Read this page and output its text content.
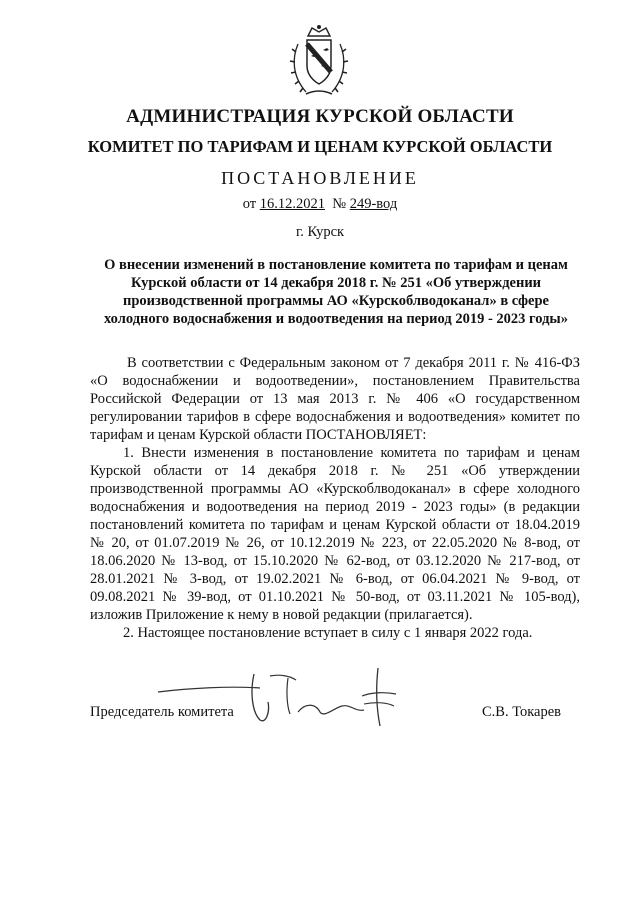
АДМИНИСТРАЦИЯ КУРСКОЙ ОБЛАСТИ
КОМИТЕТ ПО ТАРИФАМ И ЦЕНАМ КУРСКОЙ ОБЛАСТИ
ПОСТАНОВЛЕНИЕ
от 16.12.2021 № 249-вод
г. Курск
О внесении изменений в постановление комитета по тарифам и ценам Курской области от 14 декабря 2018 г. № 251 «Об утверждении производственной программы АО «Курскоблводоканал» в сфере холодного водоснабжения и водоотведения на период 2019 - 2023 годы»

В соответствии с Федеральным законом от 7 декабря 2011 г. № 416-ФЗ «О водоснабжении и водоотведении», постановлением Правительства Российской Федерации от 13 мая 2013 г. № 406 «О государственном регулировании тарифов в сфере водоснабжения и водоотведения» комитет по тарифам и ценам Курской области ПОСТАНОВЛЯЕТ:

1. Внести изменения в постановление комитета по тарифам и ценам Курской области от 14 декабря 2018 г. № 251 «Об утверждении производственной программы АО «Курскоблводоканал» в сфере холодного водоснабжения и водоотведения на период 2019 - 2023 годы» (в редакции постановлений комитета по тарифам и ценам Курской области от 18.04.2019 № 20, от 01.07.2019 № 26, от 10.12.2019 № 223, от 22.05.2020 № 8-вод, от 18.06.2020 № 13-вод, от 15.10.2020 № 62-вод, от 03.12.2020 № 217-вод, от 28.01.2021 № 3-вод, от 19.02.2021 № 6-вод, от 06.04.2021 № 9-вод, от 09.08.2021 № 39-вод, от 01.10.2021 № 50-вод, от 03.11.2021 № 105-вод), изложив Приложение к нему в новой редакции (прилагается).

2. Настоящее постановление вступает в силу с 1 января 2022 года.

Председатель комитета	С.В. Токарев
